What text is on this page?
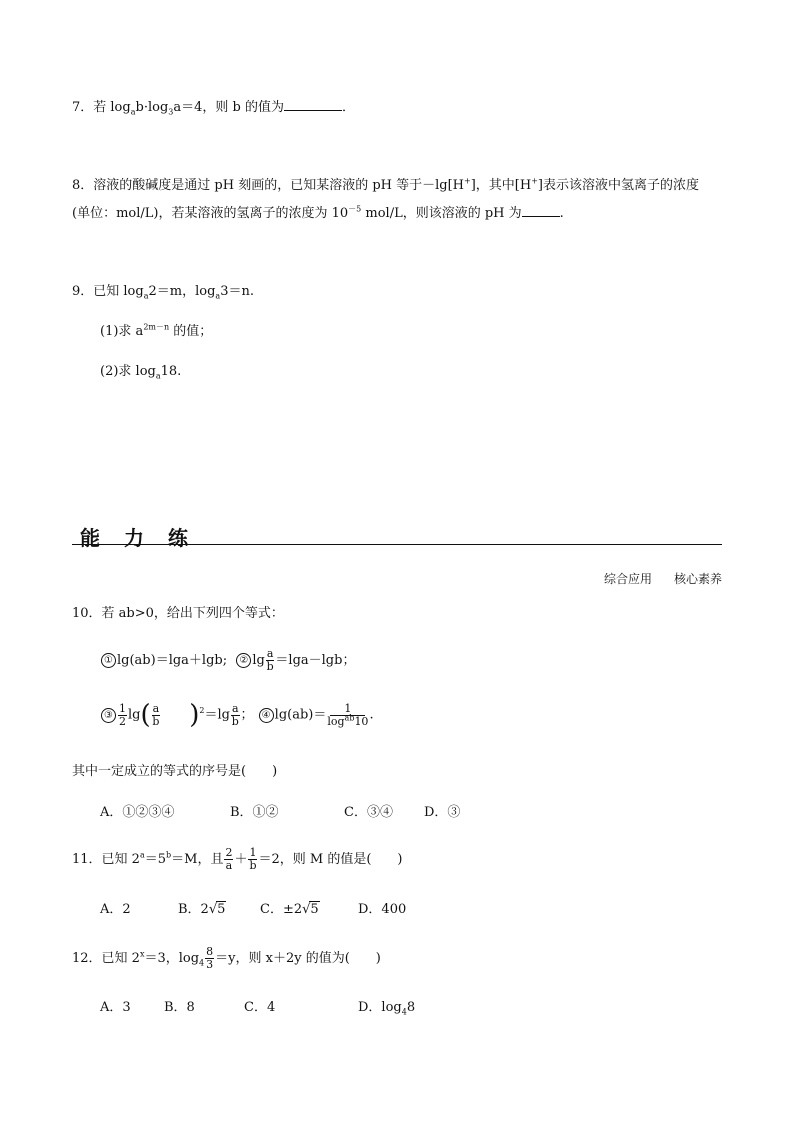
7．若 $\log_ab\cdot\log_3a=4$，则 b 的值为	．
8．溶液的酸碱度是通过 pH 刻画的，已知某溶液的 pH 等于－lg[H+]，其中[H+]表示该溶液中氢离子的浓度
(单位：mol/L)，若某溶液的氢离子的浓度为 $10^{-5}$ mol/L，则该溶液的 pH 为	.
9．已知 $\log_a2=m$，$\log_a3=n$.
(1)求 $a^{2m-n}$ 的值；
(2)求 $\log_a18$.
能力练
综合应用 核心素养
10．若 ab>0，给出下列四个等式：
① lg(ab)＝lga＋lgb; ② $\lg \frac{a}{b} =\lg a-\lg b$；
③ $\frac{1}{2} \lg( \frac{a}{b} )^2=\lg \frac{a}{b}$ ； ④ $\lg(ab)= \frac{1}{\log^{ab}10}$ .
其中一定成立的等式的序号是(　　)
A．①②③④	B．①②	C．③④ D．③
11．已知 $2^a=5^b=M$，且 $\frac{2}{a} + \frac{1}{b} =2$，则 M 的值是(　　)
A．2	B．2√5	C．±2√5	D．400
12．已知 $2^x=3$，$\log_4 \frac{8}{3} =y$，则 x＋2y 的值为(　　)
A．3	B．8	C．4	D．$\log_48$
